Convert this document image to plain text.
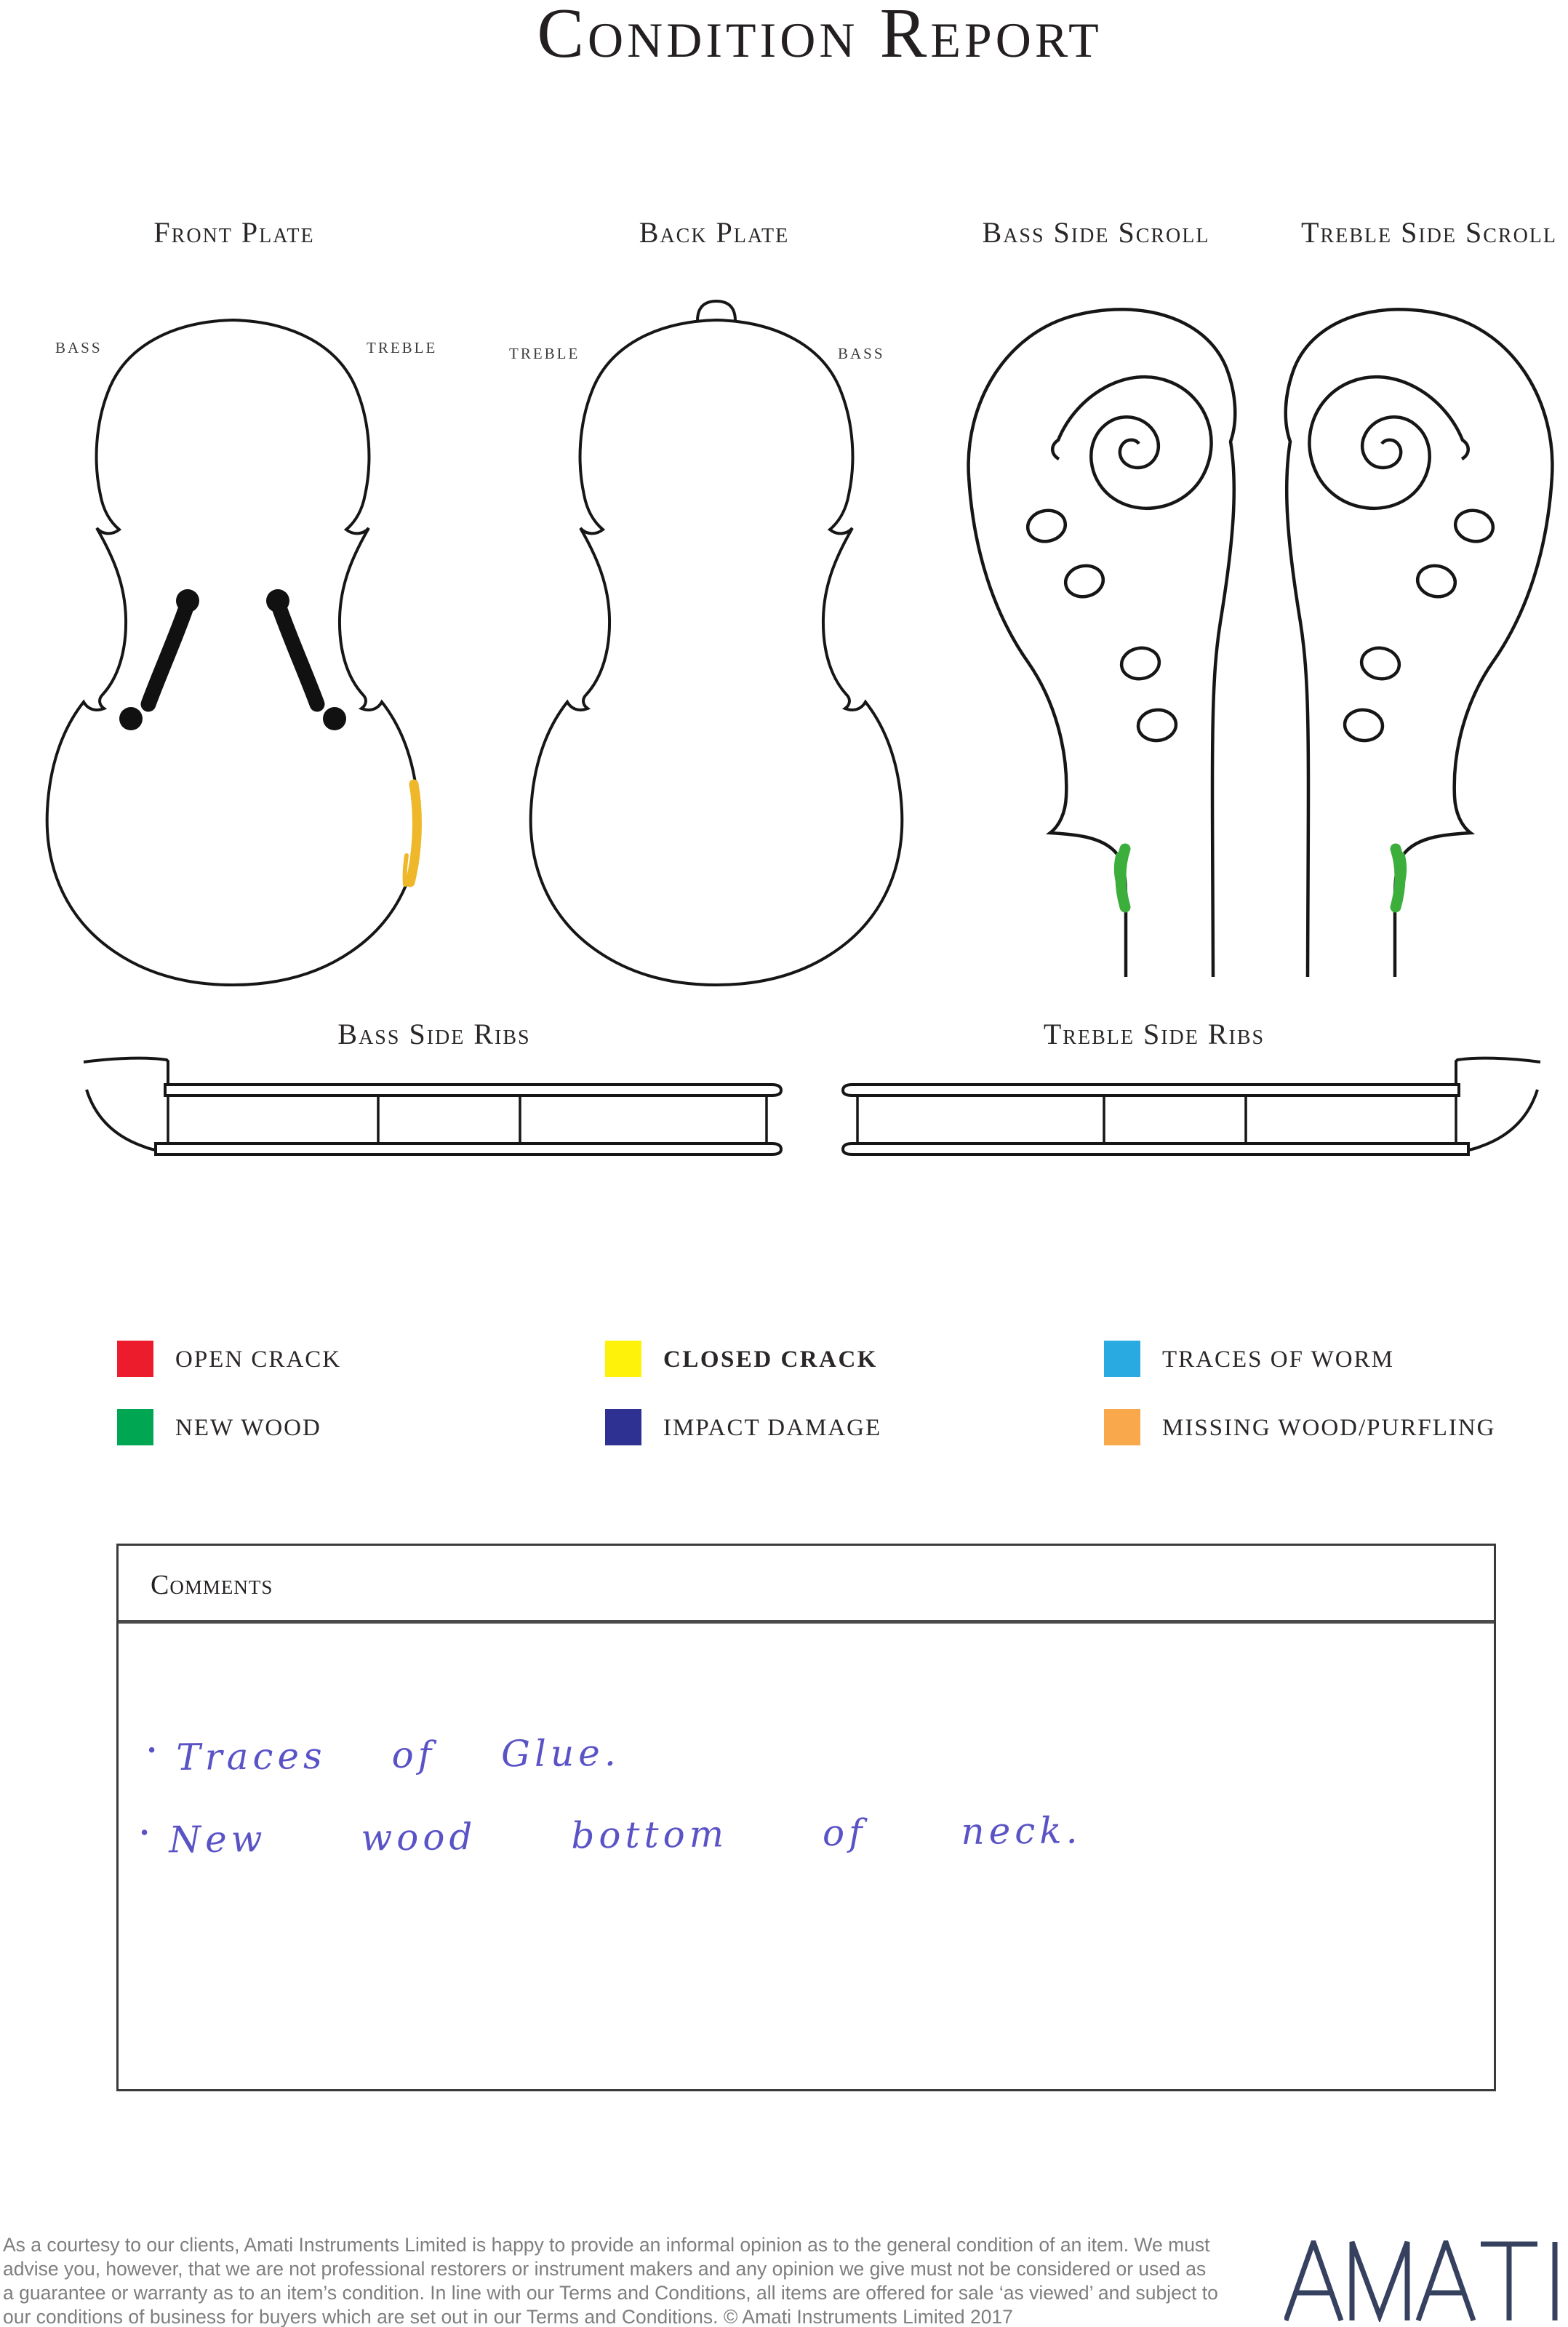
Condition Report
Front Plate	Back Plate	Bass Side Scroll	Treble Side Scroll
BASS	TREBLE	TREBLE	BASS
Bass Side Ribs	Treble Side Ribs
OPEN CRACK	CLOSED CRACK	TRACES OF WORM
NEW WOOD	IMPACT DAMAGE	MISSING WOOD/PURFLING
Comments
• Traces of Glue.
• New wood bottom of neck.
As a courtesy to our clients, Amati Instruments Limited is happy to provide an informal opinion as to the general condition of an item. We must
advise you, however, that we are not professional restorers or instrument makers and any opinion we give must not be considered or used as
a guarantee or warranty as to an item’s condition. In line with our Terms and Conditions, all items are offered for sale ‘as viewed’ and subject to
our conditions of business for buyers which are set out in our Terms and Conditions. © Amati Instruments Limited 2017
